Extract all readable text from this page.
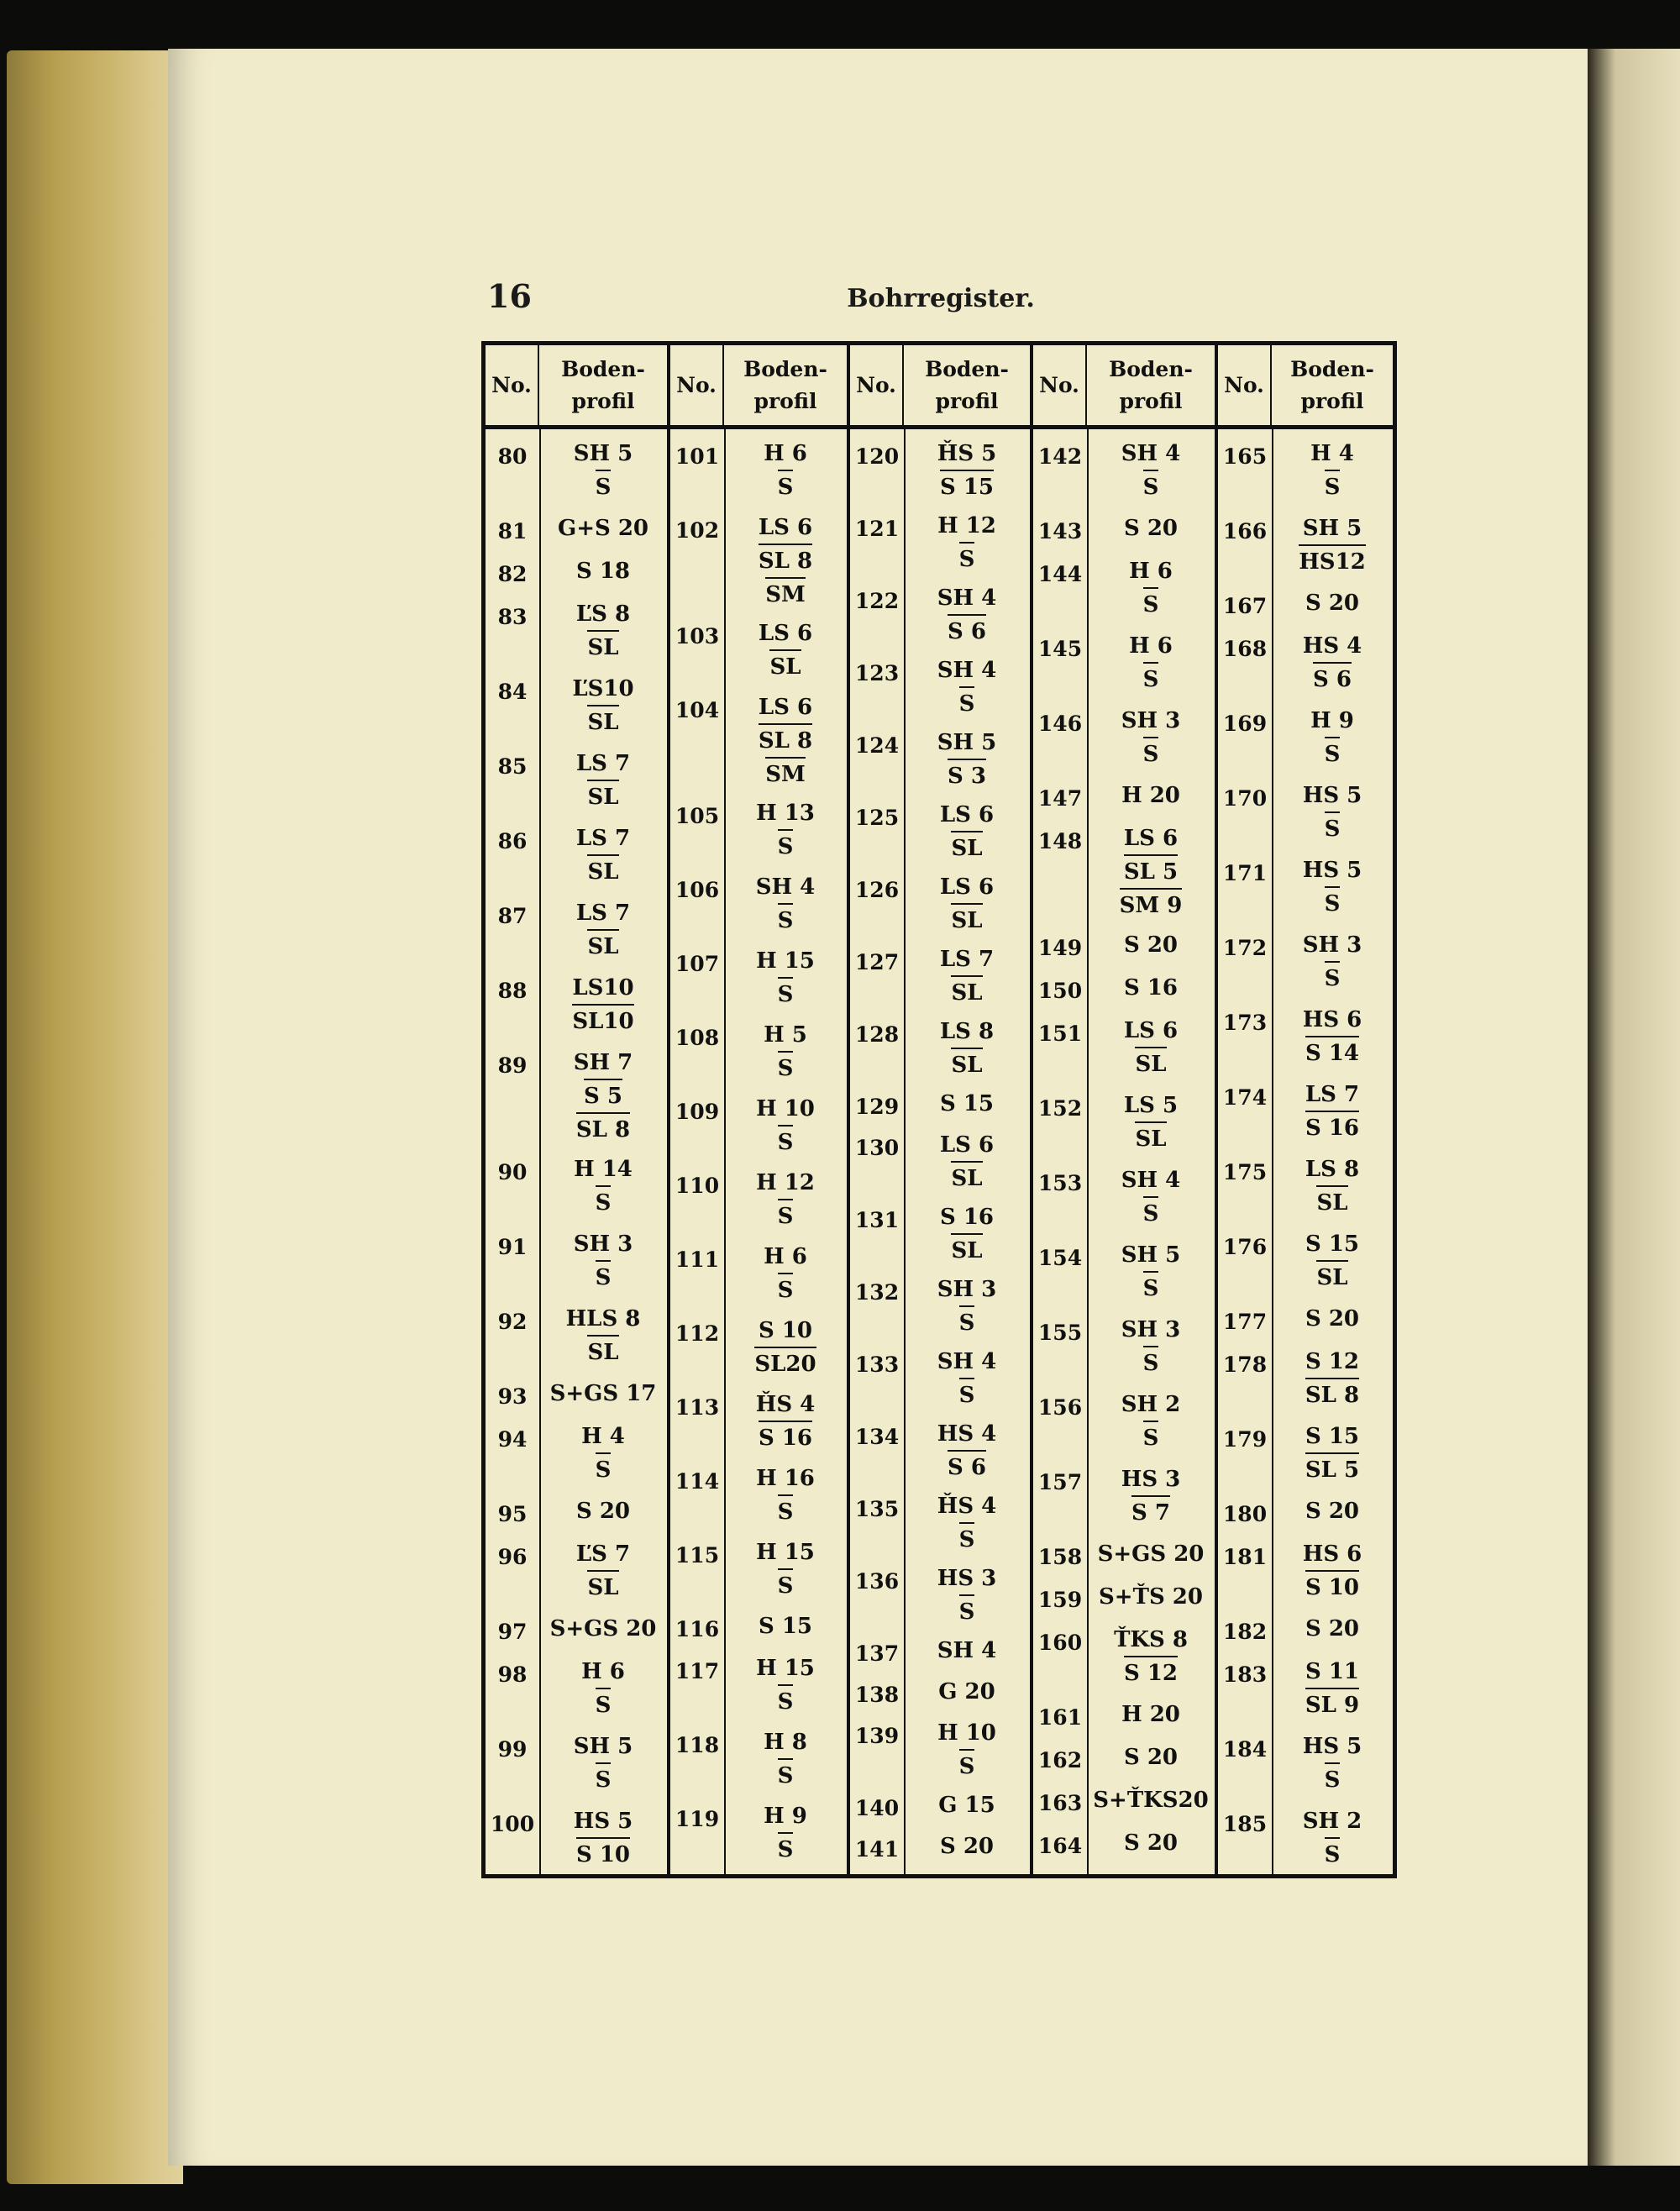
16	Bohrregister.
No.
Boden-
profil
80	SH 5
S
81	G+S 20
82	S 18
83	ĽS 8
SL
84	ĽS10
SL
85	LS 7
SL
86	LS 7
SL
87	LS 7
SL
88	LS10
SL10
89	SH 7
S 5
SL 8
90	H 14
S
91	SH 3
S
92	HLS 8
SL
93	S+GS 17
94	H 4
S
95	S 20
96	ĽS 7
SL
97	S+GS 20
98	H 6
S
99	SH 5
S
100 HS 5
S 10
No.
Boden-
profil
101 H 6
S
102 LS 6
SL 8
SM
103 LS 6
SL
104 LS 6
SL 8
SM
105 H 13
S
106 SH 4
S
107 H 15
S
108 H 5
S
109 H 10
S
110 H 12
S
111 H 6
S
112 S 10
SL20
113 ȞS 4
S 16
114 H 16
S
115 H 15
S
116 S 15
117 H 15
S
118 H 8
S
119 H 9
S
No.
Boden-
profil
120 ȞS 5
S 15
121 H 12
S
122 SH 4
S 6
123 SH 4
S
124 SH 5
S 3
125 LS 6
SL
126 LS 6
SL
127 LS 7
SL
128 LS 8
SL
129 S 15
130 LS 6
SL
131 S 16
SL
132 SH 3
S
133 SH 4
S
134 HS 4
S 6
135 ȞS 4
S
136 HS 3
S
137 SH 4
138 G 20
139 H 10
S
140 G 15
141 S 20
No.
Boden-
profil
142 SH 4
S
143 S 20
144 H 6
S
145 H 6
S
146 SH 3
S
147 H 20
148 LS 6
SL 5
SM 9
149 S 20
150 S 16
151 LS 6
SL
152 LS 5
SL
153 SH 4
S
154 SH 5
S
155 SH 3
S
156 SH 2
S
157 HS 3
S 7
158 S+GS 20
159 S+ŤS 20
160 ŤKS 8
S 12
161 H 20
162 S 20
163 S+ŤKS20
164 S 20
No.
Boden-
profil
165 H 4
S
166 SH 5
HS12
167 S 20
168 HS 4
S 6
169 H 9
S
170 HS 5
S
171 HS 5
S
172 SH 3
S
173 HS 6
S 14
174 LS 7
S 16
175 LS 8
SL
176 S 15
SL
177 S 20
178 S 12
SL 8
179 S 15
SL 5
180 S 20
181 HS 6
S 10
182 S 20
183 S 11
SL 9
184 HS 5
S
185 SH 2
S
